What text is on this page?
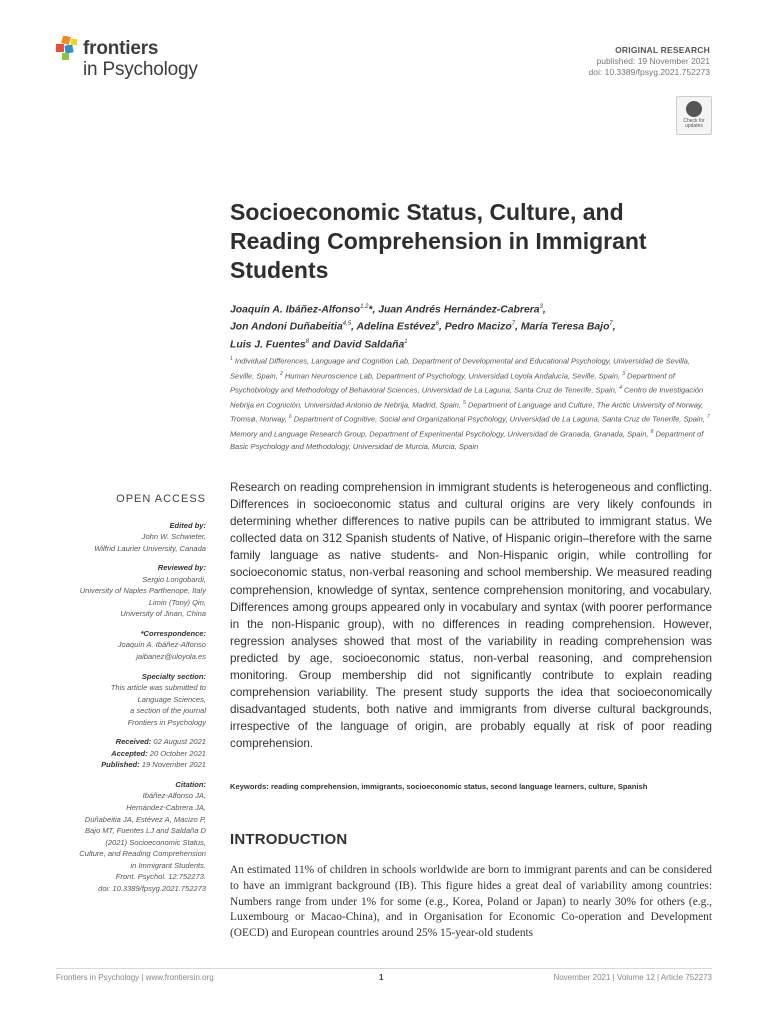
frontiers
in Psychology
ORIGINAL RESEARCH
published: 19 November 2021
doi: 10.3389/fpsyg.2021.752273
Check for
updates
Socioeconomic Status, Culture, and Reading Comprehension in Immigrant Students
Joaquín A. Ibáñez-Alfonso$^{1,2}$*, Juan Andrés Hernández-Cabrera$^3$,
Jon Andoni Duñabeitia$^{4,5}$, Adelina Estévez$^6$, Pedro Macizo$^7$, María Teresa Bajo$^7$,
Luis J. Fuentes$^8$ and David Saldaña$^1$
$^1$ Individual Differences, Language and Cognition Lab, Department of Developmental and Educational Psychology, Universidad de Sevilla, Seville, Spain, $^2$ Human Neuroscience Lab, Department of Psychology, Universidad Loyola Andalucía, Seville, Spain, $^3$ Department of Psychobiology and Methodology of Behavioral Sciences, Universidad de La Laguna, Santa Cruz de Tenerife, Spain, $^4$ Centro de Investigación Nebrija en Cognición, Universidad Antonio de Nebrija, Madrid, Spain, $^5$ Department of Language and Culture, The Arctic University of Norway, Tromsø, Norway, $^6$ Department of Cognitive, Social and Organizational Psychology, Universidad de La Laguna, Santa Cruz de Tenerife, Spain, $^7$ Memory and Language Research Group, Department of Experimental Psychology, Universidad de Granada, Granada, Spain, $^8$ Department of Basic Psychology and Methodology, Universidad de Murcia, Murcia, Spain

Research on reading comprehension in immigrant students is heterogeneous and conflicting. Differences in socioeconomic status and cultural origins are very likely confounds in determining whether differences to native pupils can be attributed to immigrant status. We collected data on 312 Spanish students of Native, of Hispanic origin–therefore with the same family language as native students- and Non-Hispanic origin, while controlling for socioeconomic status, non-verbal reasoning and school membership. We measured reading comprehension, knowledge of syntax, sentence comprehension monitoring, and vocabulary. Differences among groups appeared only in vocabulary and syntax (with poorer performance in the non-Hispanic group), with no differences in reading comprehension. However, regression analyses showed that most of the variability in reading comprehension was predicted by age, socioeconomic status, non-verbal reasoning, and comprehension monitoring. Group membership did not significantly contribute to explain reading comprehension variability. The present study supports the idea that socioeconomically disadvantaged students, both native and immigrants from diverse cultural backgrounds, irrespective of the language of origin, are probably equally at risk of poor reading comprehension.

Keywords: reading comprehension, immigrants, socioeconomic status, second language learners, culture, Spanish
INTRODUCTION

An estimated 11% of children in schools worldwide are born to immigrant parents and can be considered to have an immigrant background (IB). This figure hides a great deal of variability among countries: Numbers range from under 1% for some (e.g., Korea, Poland or Japan) to nearly 30% for others (e.g., Luxembourg or Macao-China), and in Organisation for Economic Co-operation and Development (OECD) and European countries around 25% 15-year-old students

OPEN ACCESS
Edited by:
John W. Schwieter,
Wilfrid Laurier University, Canada
Reviewed by:
Sergio Longobardi,
University of Naples Parthenope, Italy
Limin (Tony) Qin,
University of Jinan, China
*Correspondence:
Joaquín A. Ibáñez-Alfonso
jaibanez@uloyola.es
Specialty section:
This article was submitted to
Language Sciences,
a section of the journal
Frontiers in Psychology
Received: 02 August 2021
Accepted: 20 October 2021
Published: 19 November 2021
Citation:
Ibáñez-Alfonso JA,
Hernández-Cabrera JA,
Duñabeitia JA, Estévez A, Macizo P,
Bajo MT, Fuentes LJ and Saldaña D
(2021) Socioeconomic Status,
Culture, and Reading Comprehension
in Immigrant Students.
Front. Psychol. 12:752273.
doi: 10.3389/fpsyg.2021.752273
Frontiers in Psychology | www.frontiersin.org	1	November 2021 | Volume 12 | Article 752273
